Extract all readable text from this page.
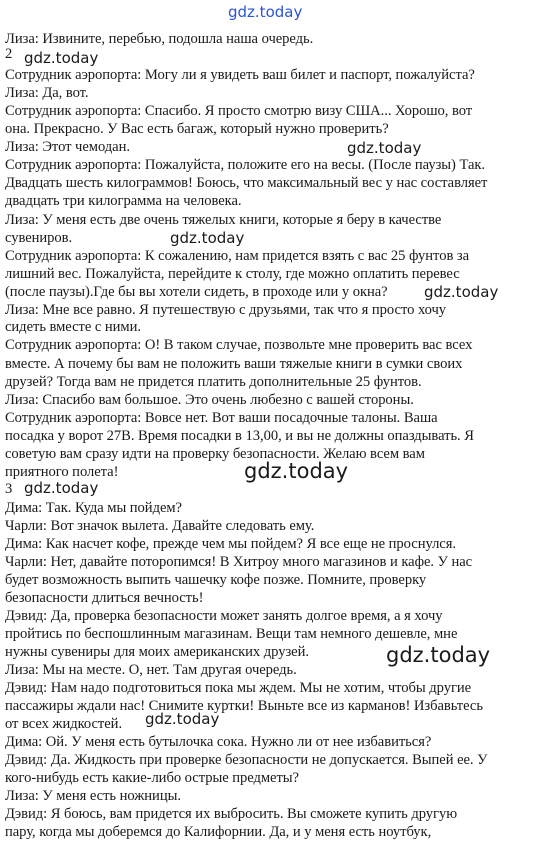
gdz.today
2 gdz.today
gdz.today
gdz.today
gdz.today
gdz.today
3 gdz.today
gdz.today
gdz.today
Лиза: Извините, перебью, подошла наша очередь.
Сотрудник аэропорта: Могу ли я увидеть ваш билет и паспорт, пожалуйста?
Лиза: Да, вот.
Сотрудник аэропорта: Спасибо. Я просто смотрю визу США... Хорошо, вот
она. Прекрасно. У Вас есть багаж, который нужно проверить?
Лиза: Этот чемодан.
Сотрудник аэропорта: Пожалуйста, положите его на весы. (После паузы) Так.
Двадцать шесть килограммов! Боюсь, что максимальный вес у нас составляет
двадцать три килограмма на человека.
Лиза: У меня есть две очень тяжелых книги, которые я беру в качестве
сувениров.
Сотрудник аэропорта: К сожалению, нам придется взять с вас 25 фунтов за
лишний вес. Пожалуйста, перейдите к столу, где можно оплатить перевес
(после паузы).Где бы вы хотели сидеть, в проходе или у окна?
Лиза: Мне все равно. Я путешествую с друзьями, так что я просто хочу
сидеть вместе с ними.
Сотрудник аэропорта: О! В таком случае, позвольте мне проверить вас всех
вместе. А почему бы вам не положить ваши тяжелые книги в сумки своих
друзей? Тогда вам не придется платить дополнительные 25 фунтов.
Лиза: Спасибо вам большое. Это очень любезно с вашей стороны.
Сотрудник аэропорта: Вовсе нет. Вот ваши посадочные талоны. Ваша
посадка у ворот 27В. Время посадки в 13,00, и вы не должны опаздывать. Я
советую вам сразу идти на проверку безопасности. Желаю всем вам
приятного полета!
Дима: Так. Куда мы пойдем?
Чарли: Вот значок вылета. Давайте следовать ему.
Дима: Как насчет кофе, прежде чем мы пойдем? Я все еще не проснулся.
Чарли: Нет, давайте поторопимся! В Хитроу много магазинов и кафе. У нас
будет возможность выпить чашечку кофе позже. Помните, проверку
безопасности длиться вечность!
Дэвид: Да, проверка безопасности может занять долгое время, а я хочу
пройтись по беспошлинным магазинам. Вещи там немного дешевле, мне
нужны сувениры для моих американских друзей.
Лиза: Мы на месте. О, нет. Там другая очередь.
Дэвид: Нам надо подготовиться пока мы ждем. Мы не хотим, чтобы другие
пассажиры ждали нас! Снимите куртки! Выньте все из карманов! Избавьтесь
от всех жидкостей.
Дима: Ой. У меня есть бутылочка сока. Нужно ли от нее избавиться?
Дэвид: Да. Жидкость при проверке безопасности не допускается. Выпей ее. У
кого-нибудь есть какие-либо острые предметы?
Лиза: У меня есть ножницы.
Дэвид: Я боюсь, вам придется их выбросить. Вы сможете купить другую
пару, когда мы доберемся до Калифорнии. Да, и у меня есть ноутбук,
